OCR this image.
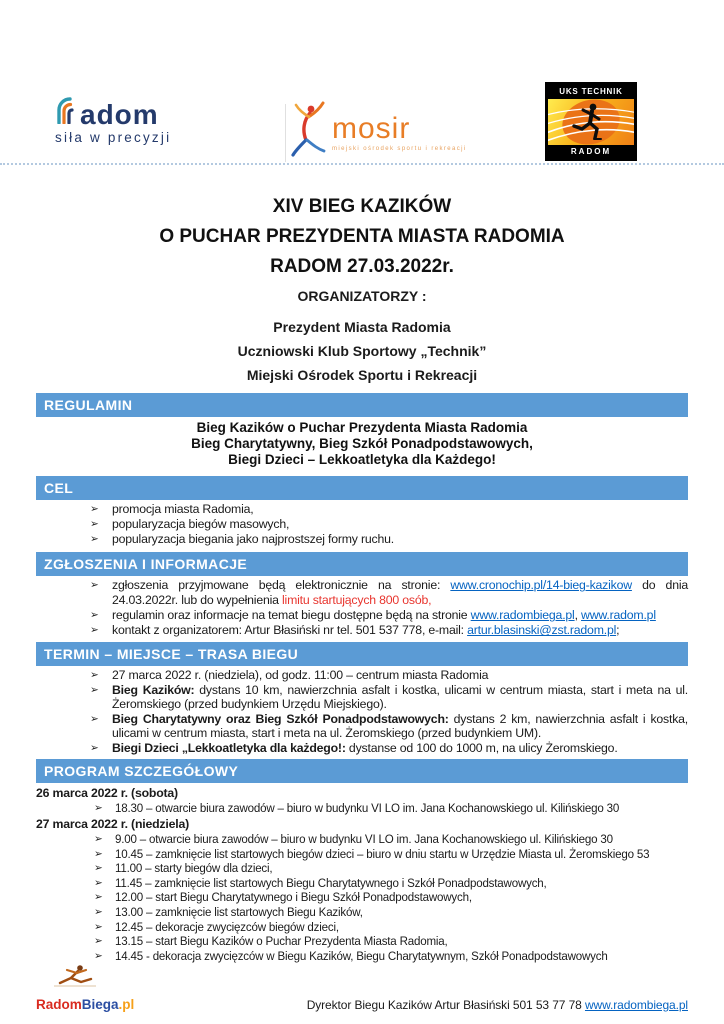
adom
siła w precyzji	mosir
miejski ośrodek sportu i rekreacji
UKS TECHNIK
RADOM
XIV BIEG KAZIKÓW
O PUCHAR PREZYDENTA MIASTA RADOMIA
RADOM 27.03.2022r.
ORGANIZATORZY :
Prezydent Miasta Radomia
Uczniowski Klub Sportowy „Technik”
Miejski Ośrodek Sportu i Rekreacji
REGULAMIN
Bieg Kazików o Puchar Prezydenta Miasta Radomia
Bieg Charytatywny, Bieg Szkół Ponadpodstawowych,
Biegi Dzieci – Lekkoatletyka dla Każdego!
CEL
➢ promocja miasta Radomia,
➢ popularyzacja biegów masowych,
➢ popularyzacja biegania jako najprostszej formy ruchu.
ZGŁOSZENIA I INFORMACJE
➢ zgłoszenia przyjmowane będą elektronicznie na stronie: www.cronochip.pl/14-bieg-kazikow do dnia 24.03.2022r. lub do wypełnienia limitu startujących 800 osób,
➢ regulamin oraz informacje na temat biegu dostępne będą na stronie www.radombiega.pl, www.radom.pl
➢ kontakt z organizatorem: Artur Błasiński nr tel. 501 537 778, e-mail: artur.blasinski@zst.radom.pl;
TERMIN – MIEJSCE – TRASA BIEGU
➢ 27 marca 2022 r. (niedziela), od godz. 11:00 – centrum miasta Radomia
➢ Bieg Kazików: dystans 10 km, nawierzchnia asfalt i kostka, ulicami w centrum miasta, start i meta na ul. Żeromskiego (przed budynkiem Urzędu Miejskiego).
➢ Bieg Charytatywny oraz Bieg Szkół Ponadpodstawowych: dystans 2 km, nawierzchnia asfalt i kostka, ulicami w centrum miasta, start i meta na ul. Żeromskiego (przed budynkiem UM).
➢ Biegi Dzieci „Lekkoatletyka dla każdego!: dystanse od 100 do 1000 m, na ulicy Żeromskiego.
PROGRAM SZCZEGÓŁOWY
26 marca 2022 r. (sobota)
➢ 18.30 – otwarcie biura zawodów – biuro w budynku VI LO im. Jana Kochanowskiego ul. Kilińskiego 30
27 marca 2022 r. (niedziela)
➢ 9.00 – otwarcie biura zawodów – biuro w budynku VI LO im. Jana Kochanowskiego ul. Kilińskiego 30
➢ 10.45 – zamknięcie list startowych biegów dzieci – biuro w dniu startu w Urzędzie Miasta ul. Żeromskiego 53
➢ 11.00 – starty biegów dla dzieci,
➢ 11.45 – zamknięcie list startowych Biegu Charytatywnego i Szkół Ponadpodstawowych,
➢ 12.00 – start Biegu Charytatywnego i Biegu Szkół Ponadpodstawowych,
➢ 13.00 – zamknięcie list startowych Biegu Kazików,
➢ 12.45 – dekoracje zwycięzców biegów dzieci,
➢ 13.15 – start Biegu Kazików o Puchar Prezydenta Miasta Radomia,
➢ 14.45 - dekoracja zwycięzców w Biegu Kazików, Biegu Charytatywnym, Szkół Ponadpodstawowych
RadomBiega.pl	Dyrektor Biegu Kazików Artur Błasiński 501 53 77 78 www.radombiega.pl
